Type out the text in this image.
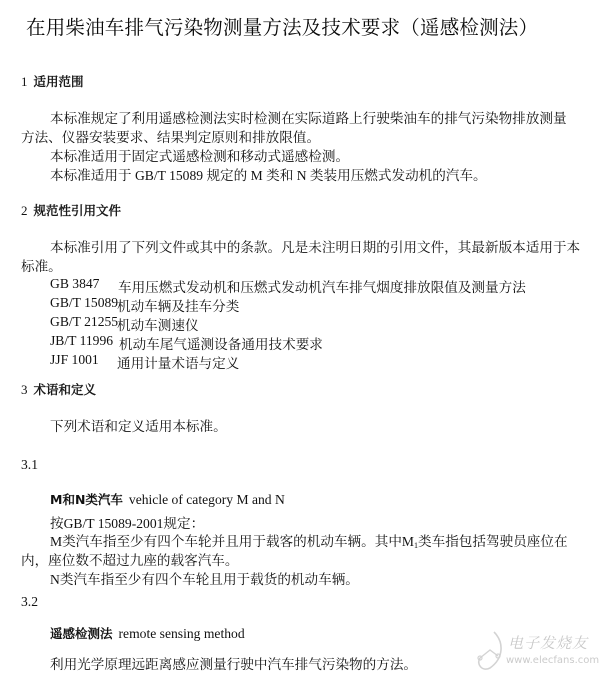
在用柴油车排气污染物测量方法及技术要求（遥感检测法）
1 适用范围
本标准规定了利用遥感检测法实时检测在实际道路上行驶柴油车的排气污染物排放测量
方法、仪器安装要求、结果判定原则和排放限值。
本标准适用于固定式遥感检测和移动式遥感检测。
本标准适用于 GB/T 15089 规定的 M 类和 N 类装用压燃式发动机的汽车。
2 规范性引用文件
本标准引用了下列文件或其中的条款。凡是未注明日期的引用文件，其最新版本适用于本
标准。
GB 3847 车用压燃式发动机和压燃式发动机汽车排气烟度排放限值及测量方法
GB/T 15089
机动车辆及挂车分类
GB/T 21255
机动车测速仪
JB/T 11996 机动车尾气遥测设备通用技术要求
JJF 1001 通用计量术语与定义
3 术语和定义
下列术语和定义适用本标准。
3.1
M和N类汽车 vehicle of category M and N
按GB/T 15089-2001规定：
M类汽车指至少有四个车轮并且用于载客的机动车辆。其中$M_1$类车指包括驾驶员座位在
内，座位数不超过九座的载客汽车。
N类汽车指至少有四个车轮且用于载货的机动车辆。
3.2
遥感检测法 remote sensing method
利用光学原理远距离感应测量行驶中汽车排气污染物的方法。
电子发烧友
www.elecfans.com
